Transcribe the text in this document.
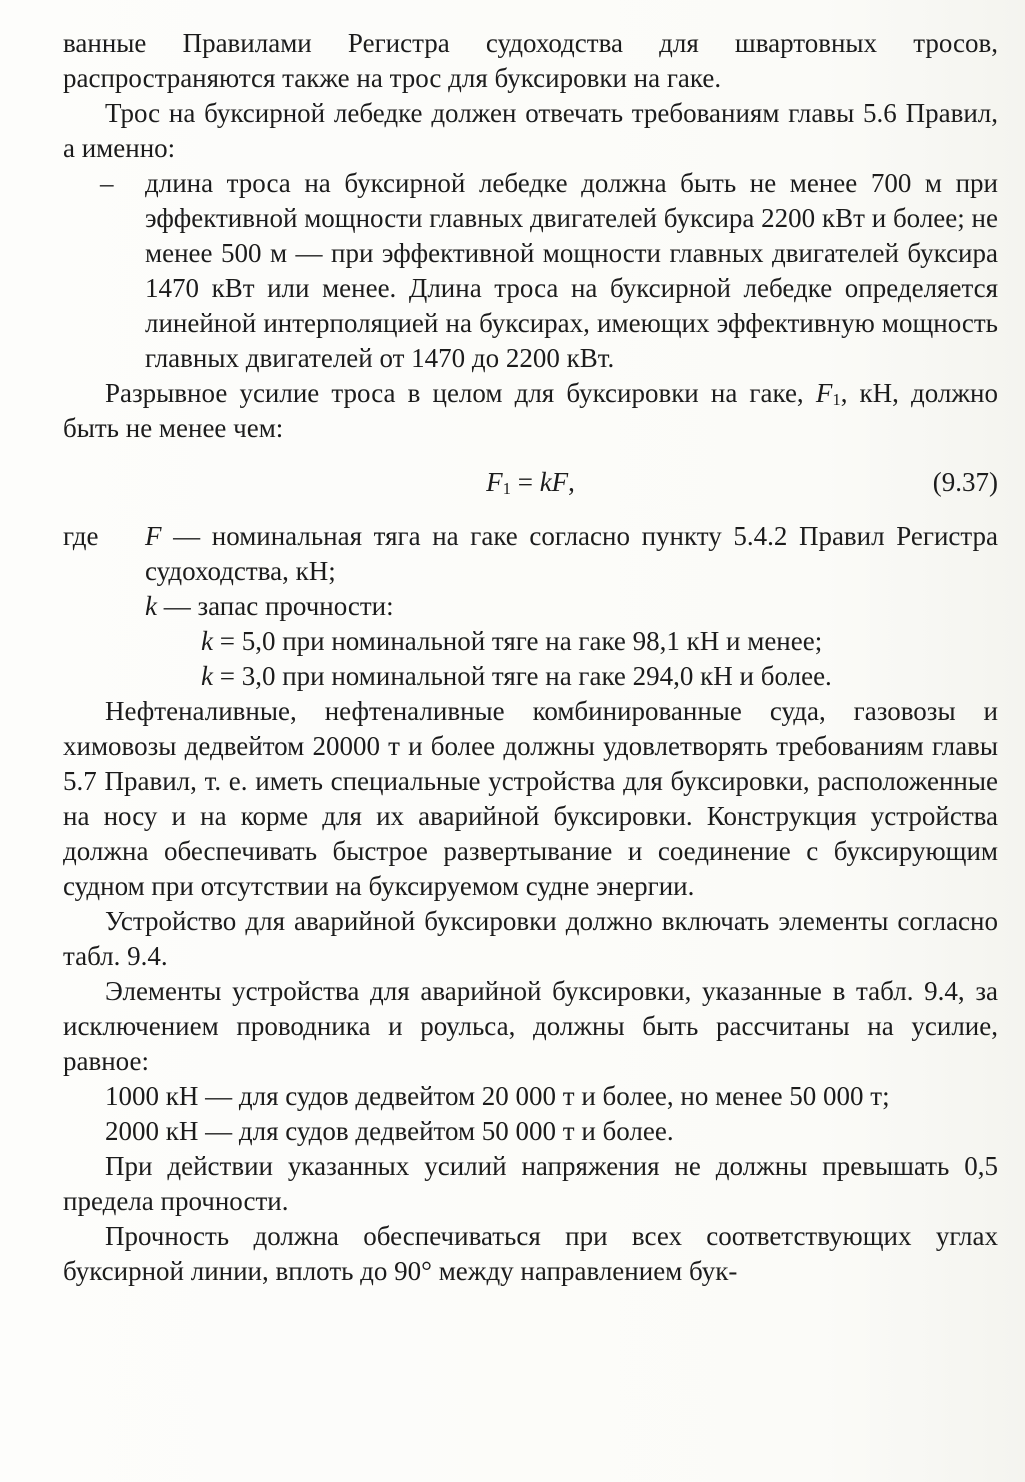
ванные Правилами Регистра судоходства для швартовных тросов, распространяются также на трос для буксировки на гаке.

Трос на буксирной лебедке должен отвечать требованиям главы 5.6 Правил, а именно:

– длина троса на буксирной лебедке должна быть не менее 700 м при эффективной мощности главных двигателей буксира 2200 кВт и более; не менее 500 м — при эффективной мощности главных двигателей буксира 1470 кВт или менее. Длина троса на буксирной лебедке определяется линейной интерполяцией на буксирах, имеющих эффективную мощность главных двигателей от 1470 до 2200 кВт.

Разрывное усилие троса в целом для буксировки на гаке, $F_1$, кН, должно быть не менее чем:

$F_1$ = kF,	(9.37)
где F — номинальная тяга на гаке согласно пункту 5.4.2 Правил Регистра судоходства, кН;

k — запас прочности:

k = 5,0 при номинальной тяге на гаке 98,1 кН и менее;

k = 3,0 при номинальной тяге на гаке 294,0 кН и более.

Нефтеналивные, нефтеналивные комбинированные суда, газовозы и химовозы дедвейтом 20000 т и более должны удовлетворять требованиям главы 5.7 Правил, т. е. иметь специальные устройства для буксировки, расположенные на носу и на корме для их аварийной буксировки. Конструкция устройства должна обеспечивать быстрое развертывание и соединение с буксирующим судном при отсутствии на буксируемом судне энергии.

Устройство для аварийной буксировки должно включать элементы согласно табл. 9.4.

Элементы устройства для аварийной буксировки, указанные в табл. 9.4, за исключением проводника и роульса, должны быть рассчитаны на усилие, равное:

1000 кН — для судов дедвейтом 20 000 т и более, но менее 50 000 т;

2000 кН — для судов дедвейтом 50 000 т и более.

При действии указанных усилий напряжения не должны превышать 0,5 предела прочности.

Прочность должна обеспечиваться при всех соответствующих углах буксирной линии, вплоть до 90° между направлением бук-
